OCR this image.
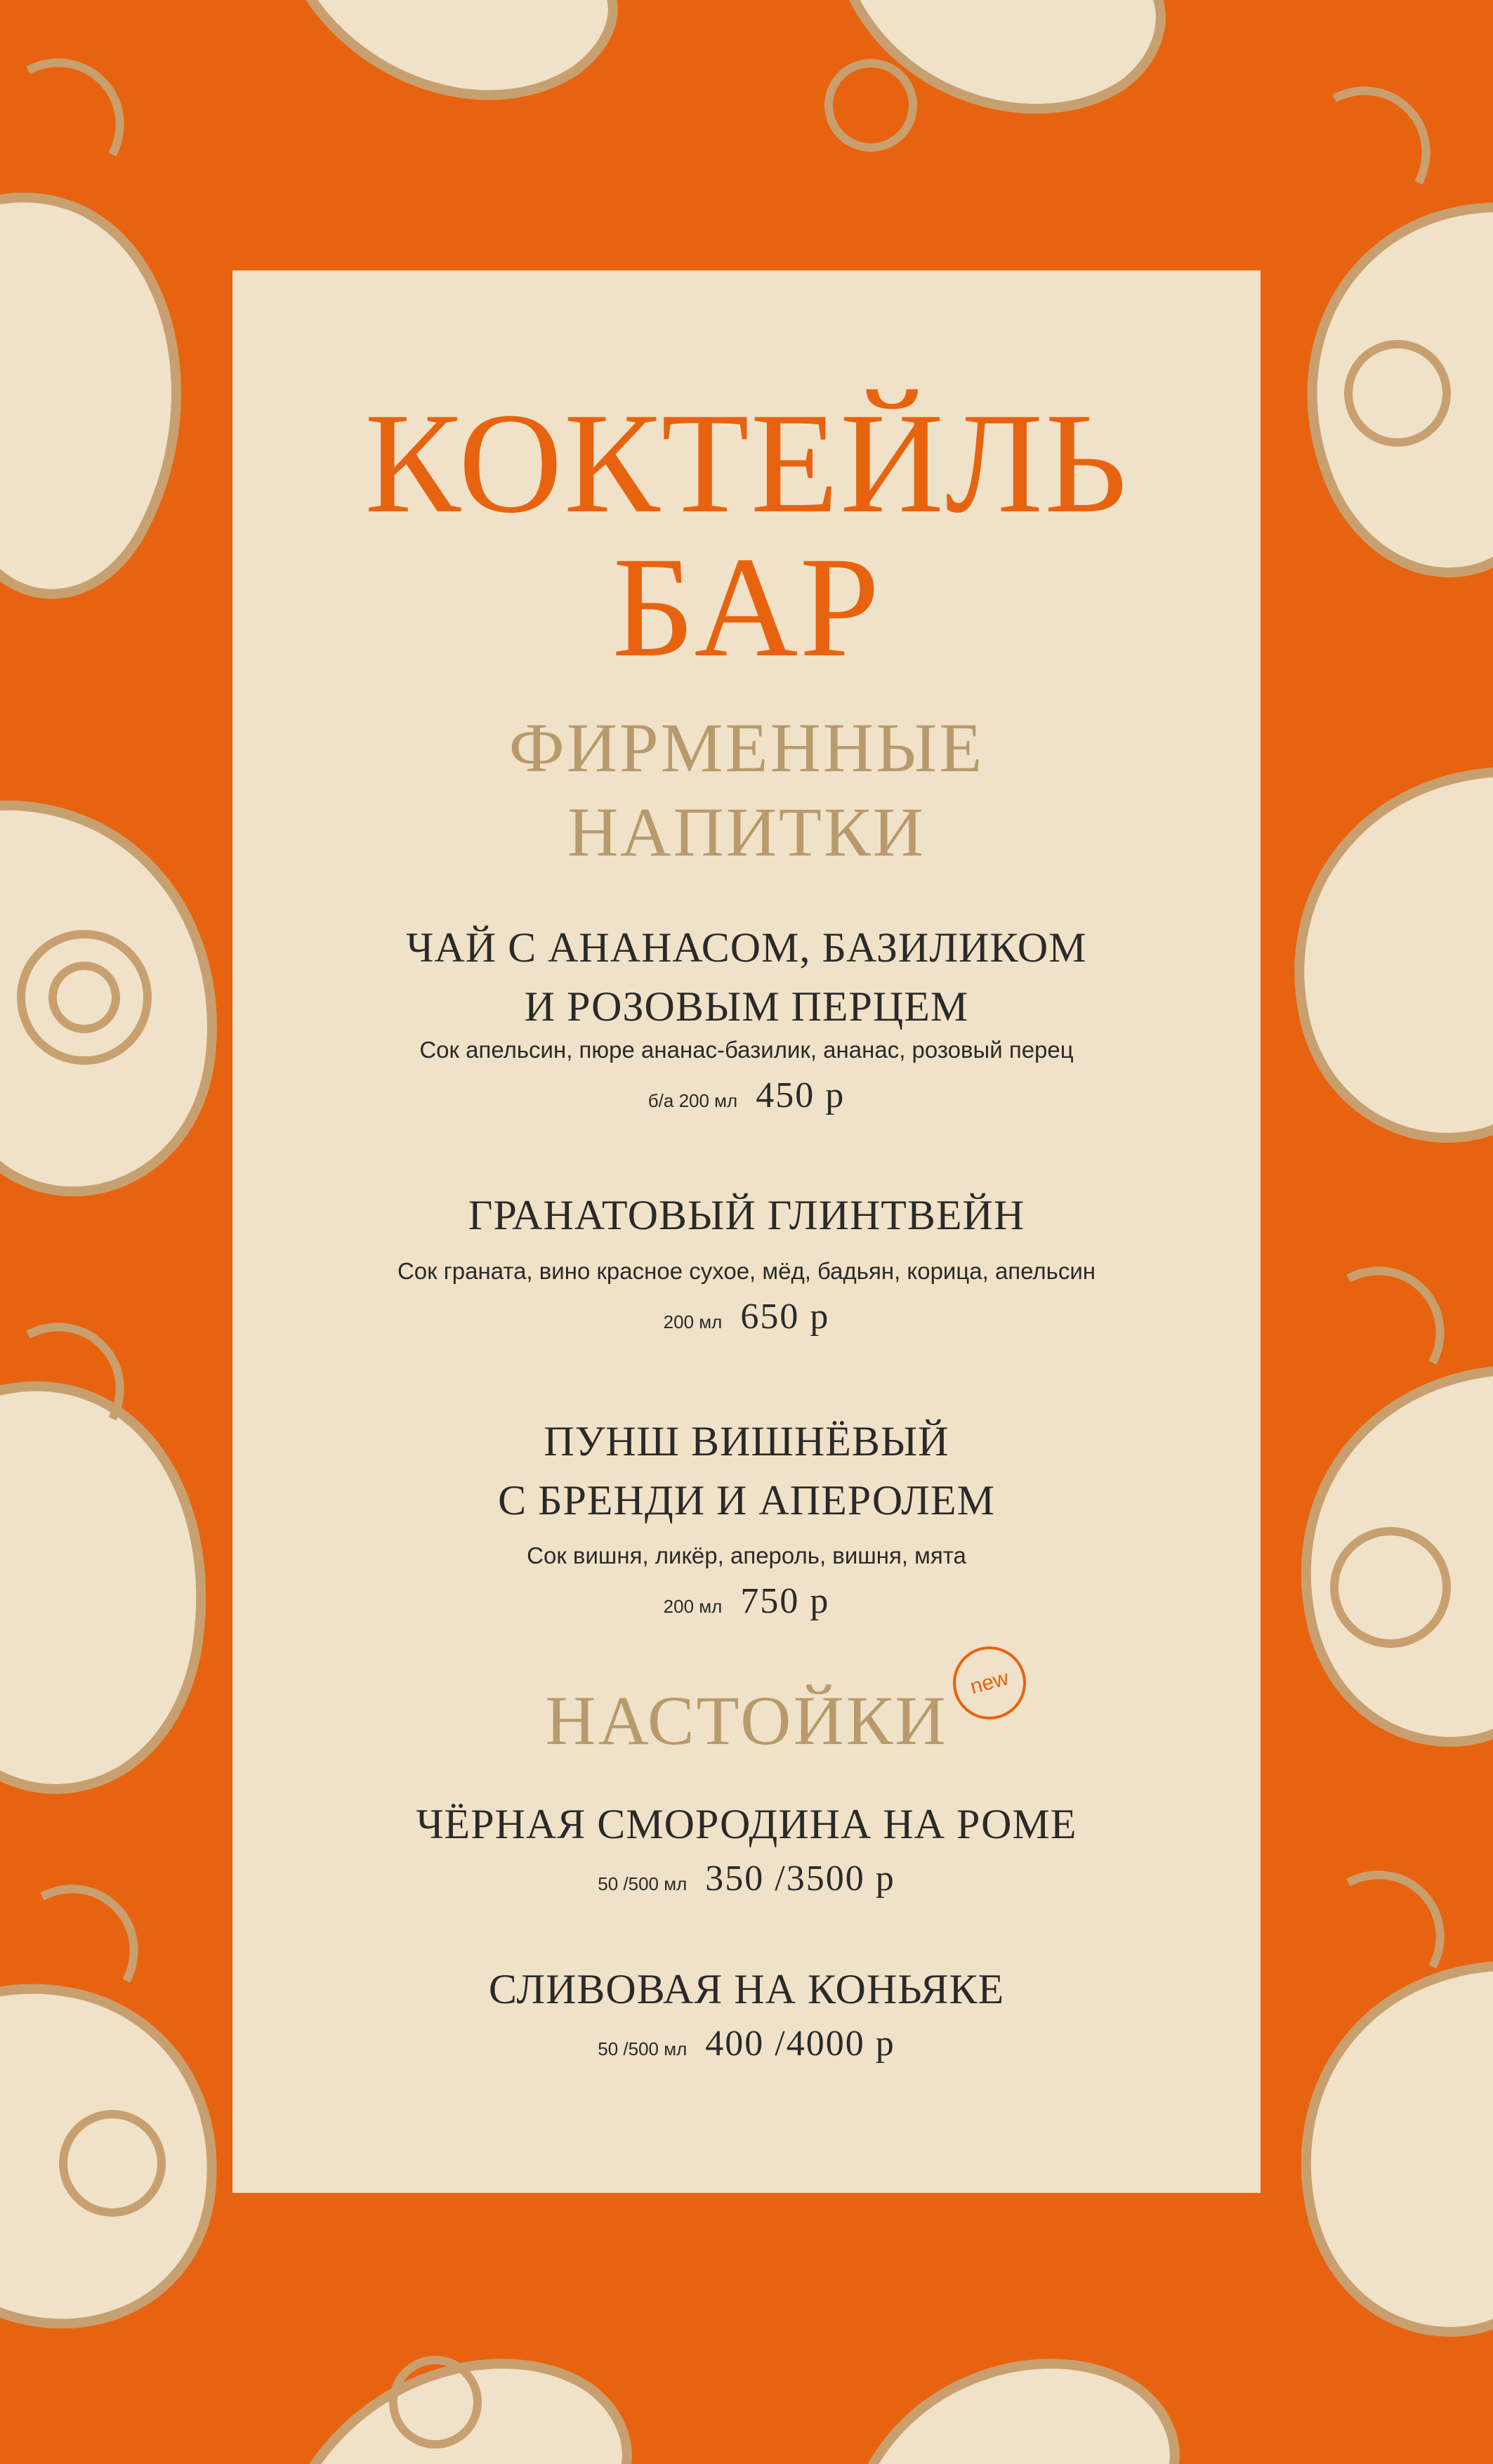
КОКТЕЙЛЬ
БАР
ФИРМЕННЫЕ
НАПИТКИ
ЧАЙ С АНАНАСОМ, БАЗИЛИКОМ
И РОЗОВЫМ ПЕРЦЕМ
Сок апельсин, пюре ананас-базилик, ананас, розовый перец
б/а 200 мл 450 р
ГРАНАТОВЫЙ ГЛИНТВЕЙН
Сок граната, вино красное сухое, мёд, бадьян, корица, апельсин
200 мл 650 р
ПУНШ ВИШНЁВЫЙ
С БРЕНДИ И АПЕРОЛЕМ
Сок вишня, ликёр, апероль, вишня, мята
200 мл 750 р
НАСТОЙКИ new
ЧЁРНАЯ СМОРОДИНА НА РОМЕ
50 /500 мл 350 /3500 р
СЛИВОВАЯ НА КОНЬЯКЕ
50 /500 мл 400 /4000 р
